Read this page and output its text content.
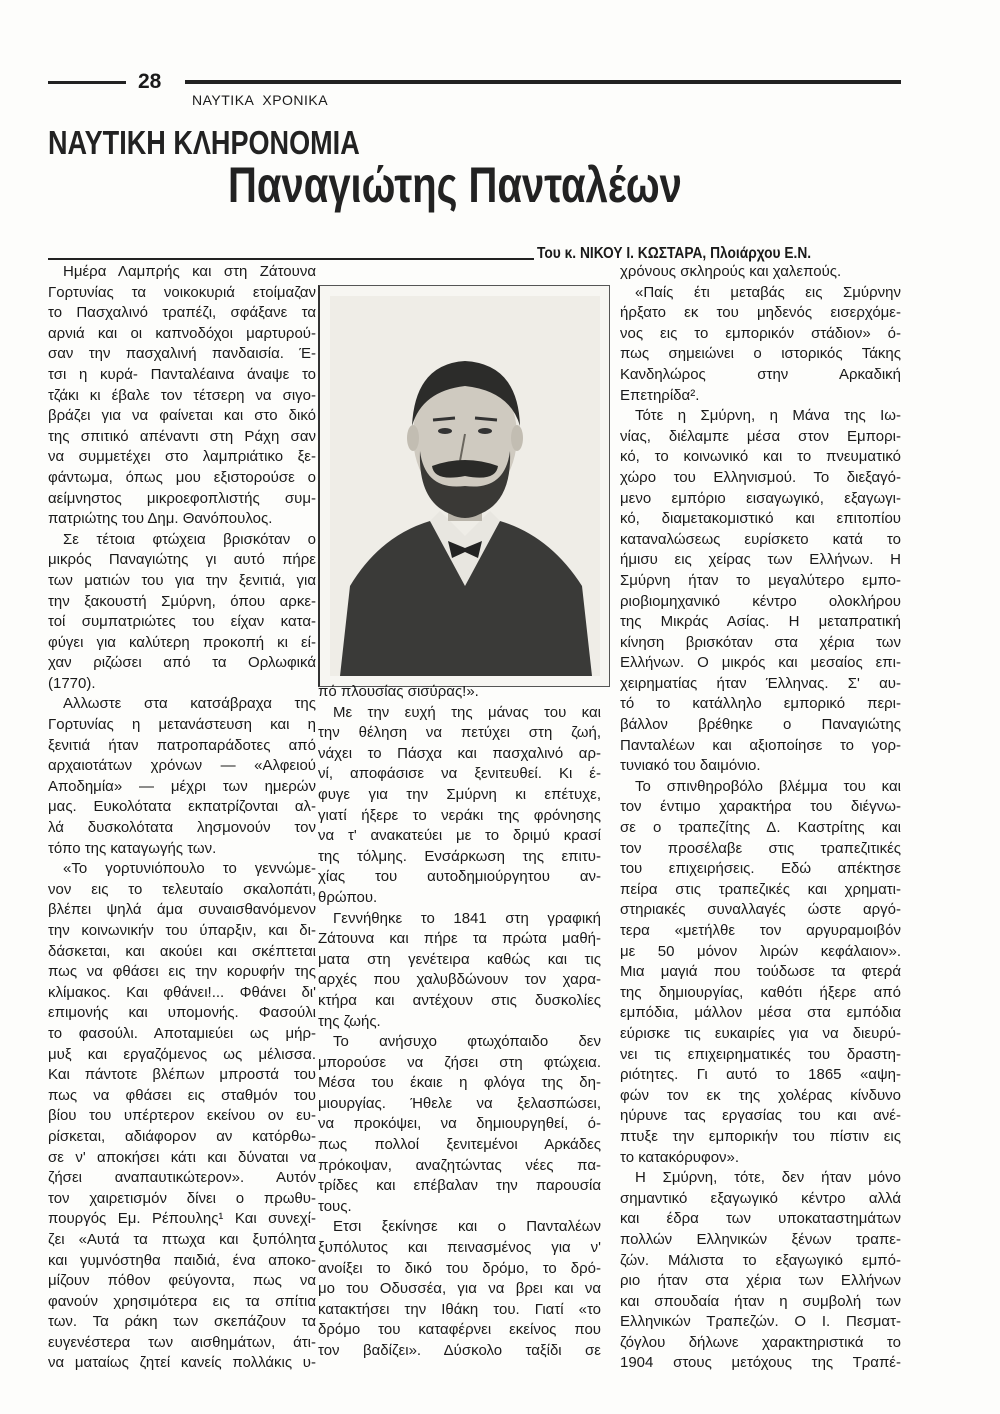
28
ΝΑΥΤΙΚΑ  ΧΡΟΝΙΚΑ
ΝΑΥΤΙΚΗ ΚΛΗΡΟΝΟΜΙΑ
Παναγιώτης Πανταλέων
Του κ. ΝΙΚΟΥ Ι. ΚΩΣΤΑΡΑ, Πλοιάρχου Ε.Ν.
Ημέρα Λαμπρής και στη Ζάτουνα
Γορτυνίας τα νοικοκυριά ετοίμαζαν
το Πασχαλινό τραπέζι, σφάξανε τα
αρνιά και οι καπνοδόχοι μαρτυρού-
σαν την πασχαλινή πανδαισία. Έ-
τσι η κυρά- Πανταλέαινα άναψε το
τζάκι κι έβαλε τον τέτσερη να σιγο-
βράζει για να φαίνεται και στο δικό
της σπιτικό απέναντι στη Ράχη σαν
να συμμετέχει στο λαμπριάτικο ξε-
φάντωμα, όπως μου εξιστορούσε ο
αείμνηστος μικροεφοπλιστής συμ-
πατριώτης του Δημ. Θανόπουλος.
Σε τέτοια φτώχεια βρισκόταν ο
μικρός Παναγιώτης γι αυτό πήρε
των ματιών του για την ξενιτιά, για
την ξακουστή Σμύρνη, όπου αρκε-
τοί συμπατριώτες του είχαν κατα-
φύγει για καλύτερη προκοπή κι εί-
χαν ριζώσει από τα Ορλωφικά
(1770).
Αλλωστε στα κατσάβραχα της
Γορτυνίας η μετανάστευση και η
ξενιτιά ήταν πατροπαράδοτες από
αρχαιοτάτων χρόνων — «Αλφειού
Αποδημία» — μέχρι των ημερών
μας. Ευκολότατα εκπατρίζονται αλ-
λά δυσκολότατα λησμονούν τον
τόπο της καταγωγής των.
«Το γορτυνιόπουλο το γεννώμε-
νον εις το τελευταίο σκαλοπάτι,
βλέπει ψηλά άμα συναισθανόμενον
την κοινωνικήν του ύπαρξιν, και δι-
δάσκεται, και ακούει και σκέπτεται
πως να φθάσει εις την κορυφήν της
κλίμακος. Και φθάνει!... Φθάνει δι'
επιμονής και υπομονής. Φασούλι
το φασούλι. Αποταμιεύει ως μήρ-
μυξ και εργαζόμενος ως μέλισσα.
Και πάντοτε βλέπων μπροστά του
πως να φθάσει εις σταθμόν του
βίου του υπέρτερον εκείνου ον ευ-
ρίσκεται, αδιάφορον αν κατόρθω-
σε ν' αποκήσει κάτι και δύναται να
ζήσει αναπαυτικώτερον». Αυτόν
τον χαιρετισμόν δίνει ο πρωθυ-
πουργός Εμ. Ρέπουλης¹ Και συνεχί-
ζει «Αυτά τα πτωχα και ξυπόλητα
και γυμνόστηθα παιδιά, ένα αποκο-
μίζουν πόθον φεύγοντα, πως να
φανούν χρησιμότερα εις τα σπίτια
των. Τα ράκη των σκεπάζουν τα
ευγενέστερα των αισθημάτων, άτι-
να ματαίως ζητεί κανείς πολλάκις υ-
πό πλουσίας σισύρας!».
Με την ευχή της μάνας του και
την θέληση να πετύχει στη ζωή,
νάχει το Πάσχα και πασχαλινό αρ-
νί, αποφάσισε να ξενιτευθεί. Κι έ-
φυγε για την Σμύρνη κι επέτυχε,
γιατί ήξερε το νεράκι της φρόνησης
να τ' ανακατεύει με το δριμύ κρασί
της τόλμης. Ενσάρκωση της επιτυ-
χίας του αυτοδημιούργητου αν-
θρώπου.
Γεννήθηκε το 1841 στη γραφική
Ζάτουνα και πήρε τα πρώτα μαθή-
ματα στη γενέτειρα καθώς και τις
αρχές που χαλυβδώνουν τον χαρα-
κτήρα και αντέχουν στις δυσκολίες
της ζωής.
Το ανήσυχο φτωχόπαιδο δεν
μπορούσε να ζήσει στη φτώχεια.
Μέσα του έκαιε η φλόγα της δη-
μιουργίας. Ήθελε να ξελασπώσει,
να προκόψει, να δημιουργηθεί, ό-
πως πολλοί ξενιτεμένοι Αρκάδες
πρόκοψαν, αναζητώντας νέες πα-
τρίδες και επέβαλαν την παρουσία
τους.
Ετσι ξεκίνησε και ο Πανταλέων
ξυπόλυτος και πεινασμένος για ν'
ανοίξει το δικό του δρόμο, το δρό-
μο του Οδυσσέα, για να βρει και να
κατακτήσει την Ιθάκη του. Γιατί «το
δρόμο του καταφέρνει εκείνος που
τον βαδίζει». Δύσκολο ταξίδι σε
χρόνους σκληρούς και χαλεπούς.
«Παίς έτι μεταβάς εις Σμύρνην
ήρξατο εκ του μηδενός εισερχόμε-
νος εις το εμπορικόν στάδιον» ό-
πως σημειώνει ο ιστορικός Τάκης
Κανδηλώρος στην Αρκαδική
Επετηρίδα².
Τότε η Σμύρνη, η Μάνα της Ιω-
νίας, διέλαμπε μέσα στον Εμπορι-
κό, το κοινωνικό και το πνευματικό
χώρο του Ελληνισμού. Το διεξαγό-
μενο εμπόριο εισαγωγικό, εξαγωγι-
κό, διαμετακομιστικό και επιτοπίου
καταναλώσεως ευρίσκετο κατά το
ήμισυ εις χείρας των Ελλήνων. Η
Σμύρνη ήταν το μεγαλύτερο εμπο-
ριοβιομηχανικό κέντρο ολοκλήρου
της Μικράς Ασίας. Η μεταπρατική
κίνηση βρισκόταν στα χέρια των
Ελλήνων. Ο μικρός και μεσαίος επι-
χειρηματίας ήταν Έλληνας. Σ' αυ-
τό το κατάλληλο εμπορικό περι-
βάλλον βρέθηκε ο Παναγιώτης
Πανταλέων και αξιοποίησε το γορ-
τυνιακό του δαιμόνιο.
Το σπινθηροβόλο βλέμμα του και
τον έντιμο χαρακτήρα του διέγνω-
σε ο τραπεζίτης Δ. Καστρίτης και
τον προσέλαβε στις τραπεζιτικές
του επιχειρήσεις. Εδώ απέκτησε
πείρα στις τραπεζικές και χρηματι-
στηριακές συναλλαγές ώστε αργό-
τερα «μετήλθε τον αργυραμοιβόν
με 50 μόνον λιρών κεφάλαιον».
Μια μαγιά που τούδωσε τα φτερά
της δημιουργίας, καθότι ήξερε από
εμπόδια, μάλλον μέσα στα εμπόδια
εύρισκε τις ευκαιρίες για να διευρύ-
νει τις επιχειρηματικές του δραστη-
ριότητες. Γι αυτό το 1865 «αψη-
φών τον εκ της χολέρας κίνδυνο
ηύρυνε τας εργασίας του και ανέ-
πτυξε την εμπορικήν του πίστιν εις
το κατακόρυφον».
Η Σμύρνη, τότε, δεν ήταν μόνο
σημαντικό εξαγωγικό κέντρο αλλά
και έδρα των υποκαταστημάτων
πολλών Ελληνικών ξένων τραπε-
ζών. Μάλιστα το εξαγωγικό εμπό-
ριο ήταν στα χέρια των Ελλήνων
και σπουδαία ήταν η συμβολή των
Ελληνικών Τραπεζών. Ο Ι. Πεσματ-
ζόγλου δήλωνε χαρακτηριστικά το
1904 στους μετόχους της Τραπέ-
